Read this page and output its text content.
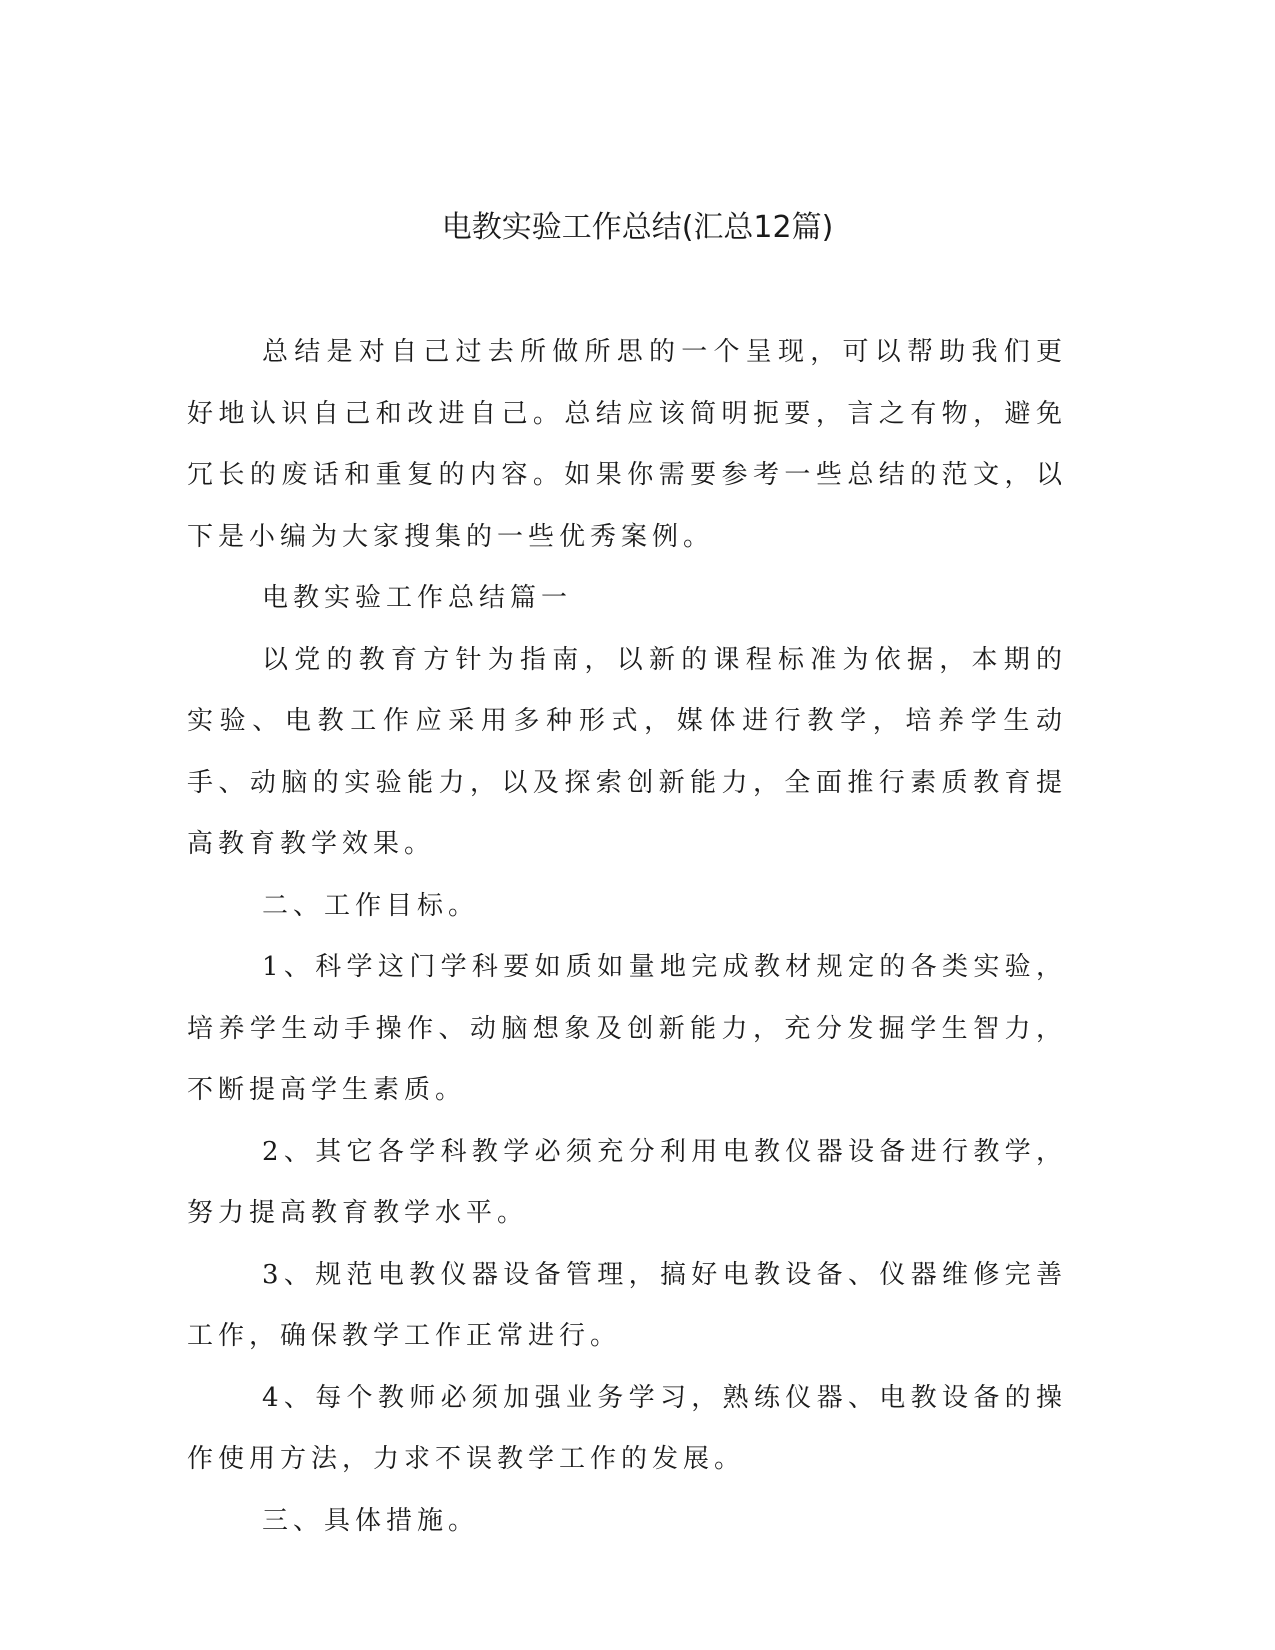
电教实验工作总结(汇总12篇)

总结是对自己过去所做所思的一个呈现，可以帮助我们更好地认识自己和改进自己。总结应该简明扼要，言之有物，避免冗长的废话和重复的内容。如果你需要参考一些总结的范文，以下是小编为大家搜集的一些优秀案例。

电教实验工作总结篇一

以党的教育方针为指南，以新的课程标准为依据，本期的实验、电教工作应采用多种形式，媒体进行教学，培养学生动手、动脑的实验能力，以及探索创新能力，全面推行素质教育提高教育教学效果。

二、工作目标。

1、科学这门学科要如质如量地完成教材规定的各类实验，培养学生动手操作、动脑想象及创新能力，充分发掘学生智力，不断提高学生素质。

2、其它各学科教学必须充分利用电教仪器设备进行教学，努力提高教育教学水平。

3、规范电教仪器设备管理，搞好电教设备、仪器维修完善工作，确保教学工作正常进行。

4、每个教师必须加强业务学习，熟练仪器、电教设备的操作使用方法，力求不误教学工作的发展。

三、具体措施。
